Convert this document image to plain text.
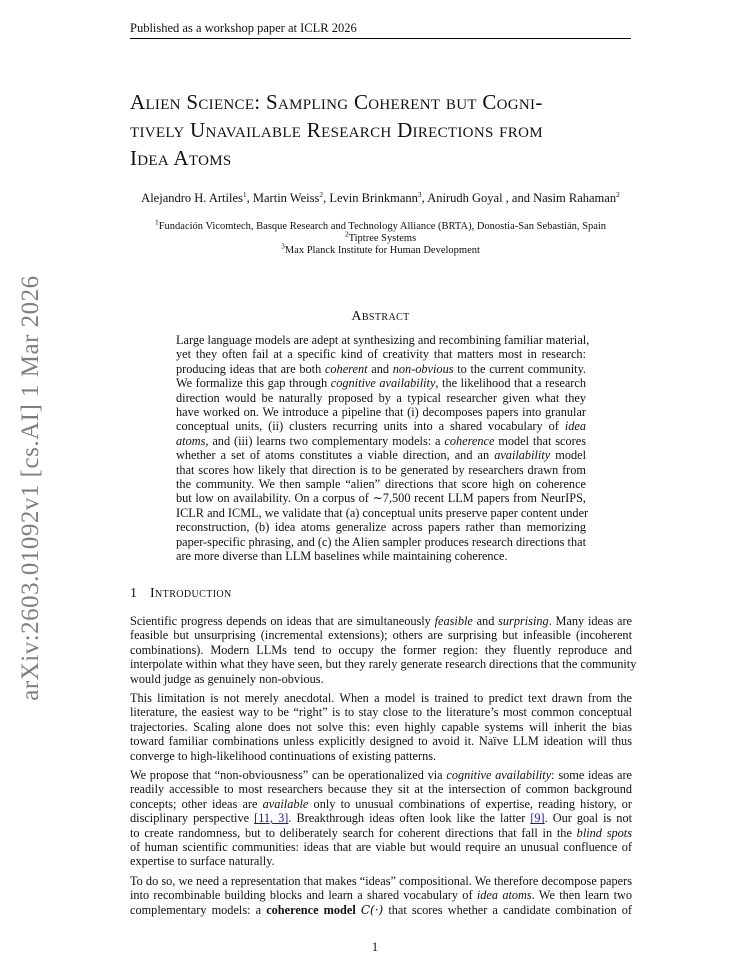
Published as a workshop paper at ICLR 2026
arXiv:2603.01092v1 [cs.AI] 1 Mar 2026
Alien Science: Sampling Coherent but Cogni-
tively Unavailable Research Directions from
Idea Atoms
Alejandro H. Artiles$^1$, Martin Weiss$^2$, Levin Brinkmann$^3$, Anirudh Goyal , and Nasim Rahaman$^2$
$^1$Fundación Vicomtech, Basque Research and Technology Alliance (BRTA), Donostia-San Sebastián, Spain
$^2$Tiptree Systems
$^3$Max Planck Institute for Human Development
Abstract
Large language models are adept at synthesizing and recombining familiar material,
yet they often fail at a specific kind of creativity that matters most in research:
producing ideas that are both coherent and non-obvious to the current community.
We formalize this gap through cognitive availability, the likelihood that a research
direction would be naturally proposed by a typical researcher given what they
have worked on. We introduce a pipeline that (i) decomposes papers into granular
conceptual units, (ii) clusters recurring units into a shared vocabulary of idea
atoms, and (iii) learns two complementary models: a coherence model that scores
whether a set of atoms constitutes a viable direction, and an availability model
that scores how likely that direction is to be generated by researchers drawn from
the community. We then sample “alien” directions that score high on coherence
but low on availability. On a corpus of ∼7,500 recent LLM papers from NeurIPS,
ICLR and ICML, we validate that (a) conceptual units preserve paper content under
reconstruction, (b) idea atoms generalize across papers rather than memorizing
paper-specific phrasing, and (c) the Alien sampler produces research directions that
are more diverse than LLM baselines while maintaining coherence.
1 Introduction
Scientific progress depends on ideas that are simultaneously feasible and surprising. Many ideas are
feasible but unsurprising (incremental extensions); others are surprising but infeasible (incoherent
combinations). Modern LLMs tend to occupy the former region: they fluently reproduce and
interpolate within what they have seen, but they rarely generate research directions that the community
would judge as genuinely non-obvious.
This limitation is not merely anecdotal. When a model is trained to predict text drawn from the
literature, the easiest way to be “right” is to stay close to the literature’s most common conceptual
trajectories. Scaling alone does not solve this: even highly capable systems will inherit the bias
toward familiar combinations unless explicitly designed to avoid it. Naïve LLM ideation will thus
converge to high-likelihood continuations of existing patterns.
We propose that “non-obviousness” can be operationalized via cognitive availability: some ideas are
readily accessible to most researchers because they sit at the intersection of common background
concepts; other ideas are available only to unusual combinations of expertise, reading history, or
disciplinary perspective [11, 3]. Breakthrough ideas often look like the latter [9]. Our goal is not
to create randomness, but to deliberately search for coherent directions that fall in the blind spots
of human scientific communities: ideas that are viable but would require an unusual confluence of
expertise to surface naturally.
To do so, we need a representation that makes “ideas” compositional. We therefore decompose papers
into recombinable building blocks and learn a shared vocabulary of idea atoms. We then learn two
complementary models: a coherence model C(·) that scores whether a candidate combination of
1
